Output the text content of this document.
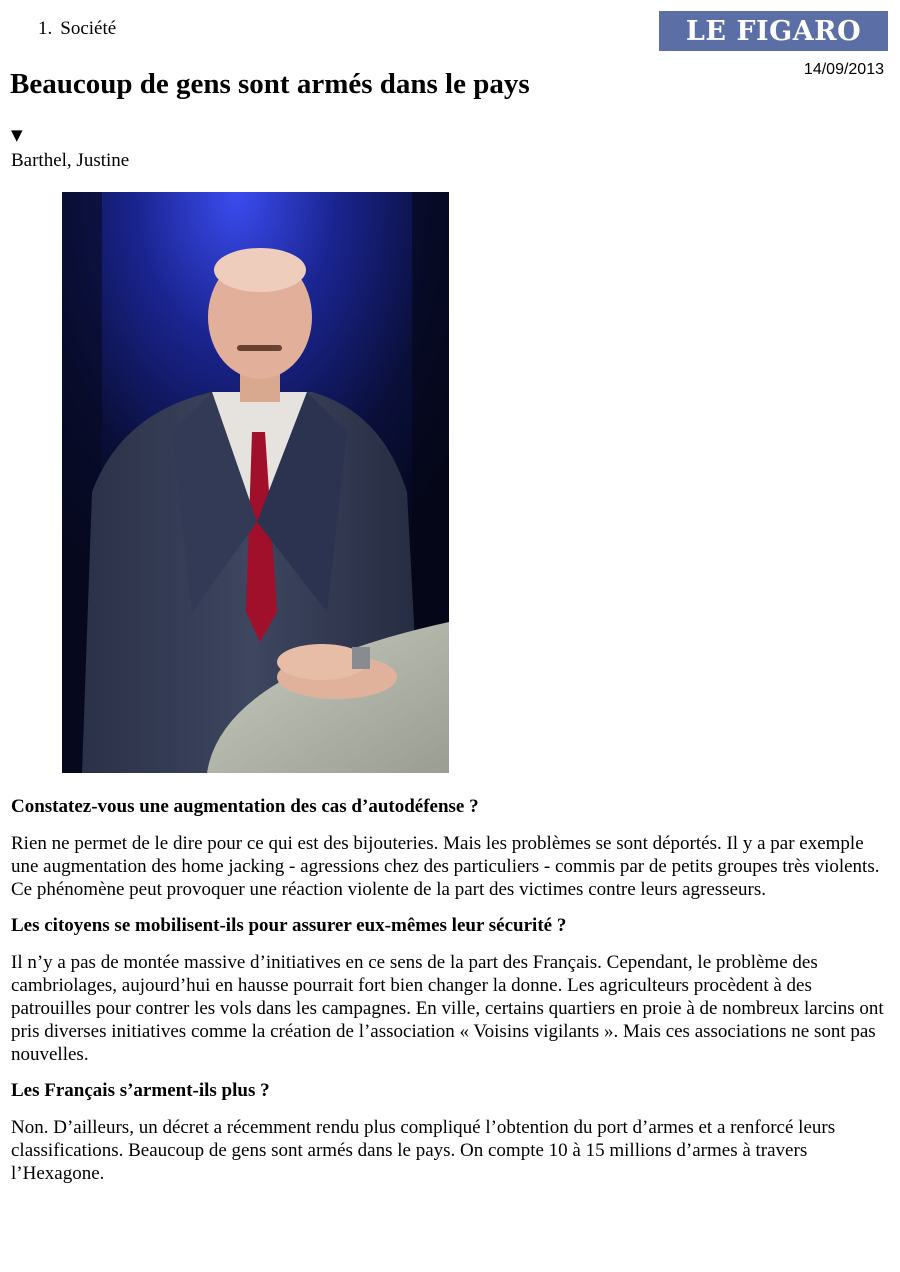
1. Société	LE FIGARO
14/09/2013
Beaucoup de gens sont armés dans le pays
▼
Barthel, Justine
Constatez-vous une augmentation des cas d’autodéfense ?

Rien ne permet de le dire pour ce qui est des bijouteries. Mais les problèmes se sont déportés. Il y a par exemple une augmentation des home jacking - agressions chez des particuliers - commis par de petits groupes très violents. Ce phénomène peut provoquer une réaction violente de la part des victimes contre leurs agresseurs.

Les citoyens se mobilisent-ils pour assurer eux-mêmes leur sécurité ?

Il n’y a pas de montée massive d’initiatives en ce sens de la part des Français. Cependant, le problème des cambriolages, aujourd’hui en hausse pourrait fort bien changer la donne. Les agriculteurs procèdent à des patrouilles pour contrer les vols dans les campagnes. En ville, certains quartiers en proie à de nombreux larcins ont pris diverses initiatives comme la création de l’association « Voisins vigilants ». Mais ces associations ne sont pas nouvelles.

Les Français s’arment-ils plus ?

Non. D’ailleurs, un décret a récemment rendu plus compliqué l’obtention du port d’armes et a renforcé leurs classifications. Beaucoup de gens sont armés dans le pays. On compte 10 à 15 millions d’armes à travers l’Hexagone.
